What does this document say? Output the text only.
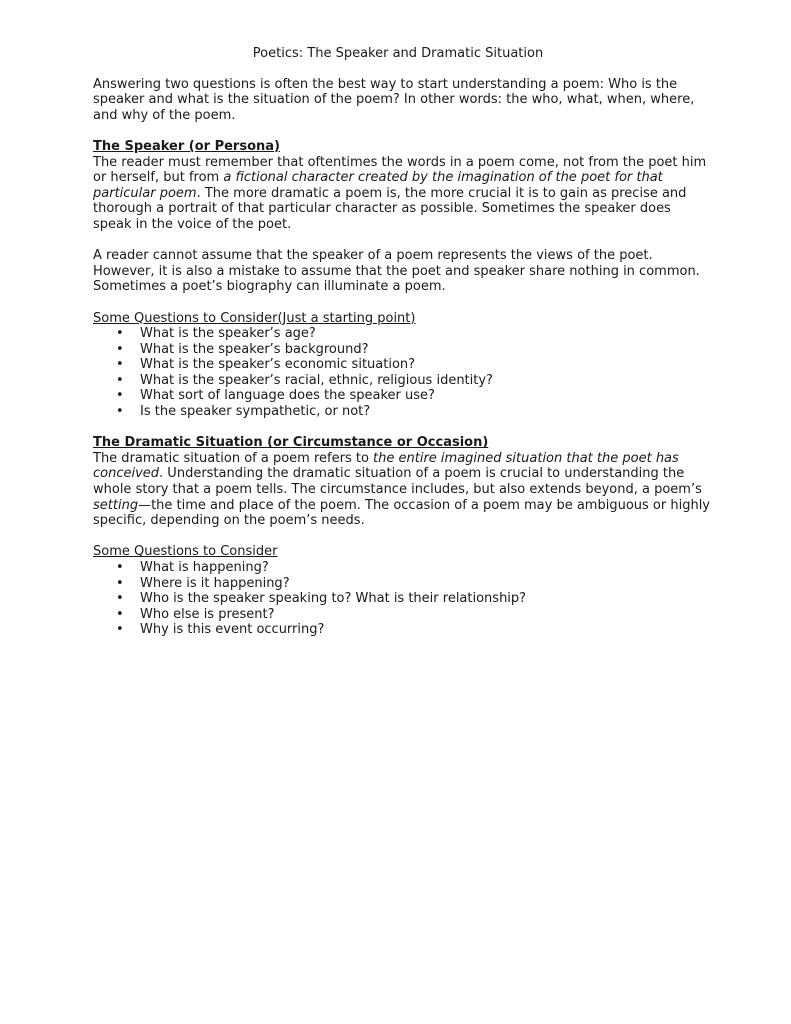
Poetics: The Speaker and Dramatic Situation

Answering two questions is often the best way to start understanding a poem: Who is the speaker and what is the situation of the poem? In other words: the who, what, when, where, and why of the poem.

The Speaker (or Persona)

The reader must remember that oftentimes the words in a poem come, not from the poet him or herself, but from a fictional character created by the imagination of the poet for that particular poem. The more dramatic a poem is, the more crucial it is to gain as precise and thorough a portrait of that particular character as possible. Sometimes the speaker does speak in the voice of the poet.

A reader cannot assume that the speaker of a poem represents the views of the poet. However, it is also a mistake to assume that the poet and speaker share nothing in common. Sometimes a poet’s biography can illuminate a poem.

Some Questions to Consider(Just a starting point)

• What is the speaker’s age?
• What is the speaker’s background?
• What is the speaker’s economic situation?
• What is the speaker’s racial, ethnic, religious identity?
• What sort of language does the speaker use?
• Is the speaker sympathetic, or not?

The Dramatic Situation (or Circumstance or Occasion)

The dramatic situation of a poem refers to the entire imagined situation that the poet has conceived. Understanding the dramatic situation of a poem is crucial to understanding the whole story that a poem tells. The circumstance includes, but also extends beyond, a poem’s setting—the time and place of the poem. The occasion of a poem may be ambiguous or highly specific, depending on the poem’s needs.

Some Questions to Consider

• What is happening?
• Where is it happening?
• Who is the speaker speaking to? What is their relationship?
• Who else is present?
• Why is this event occurring?
